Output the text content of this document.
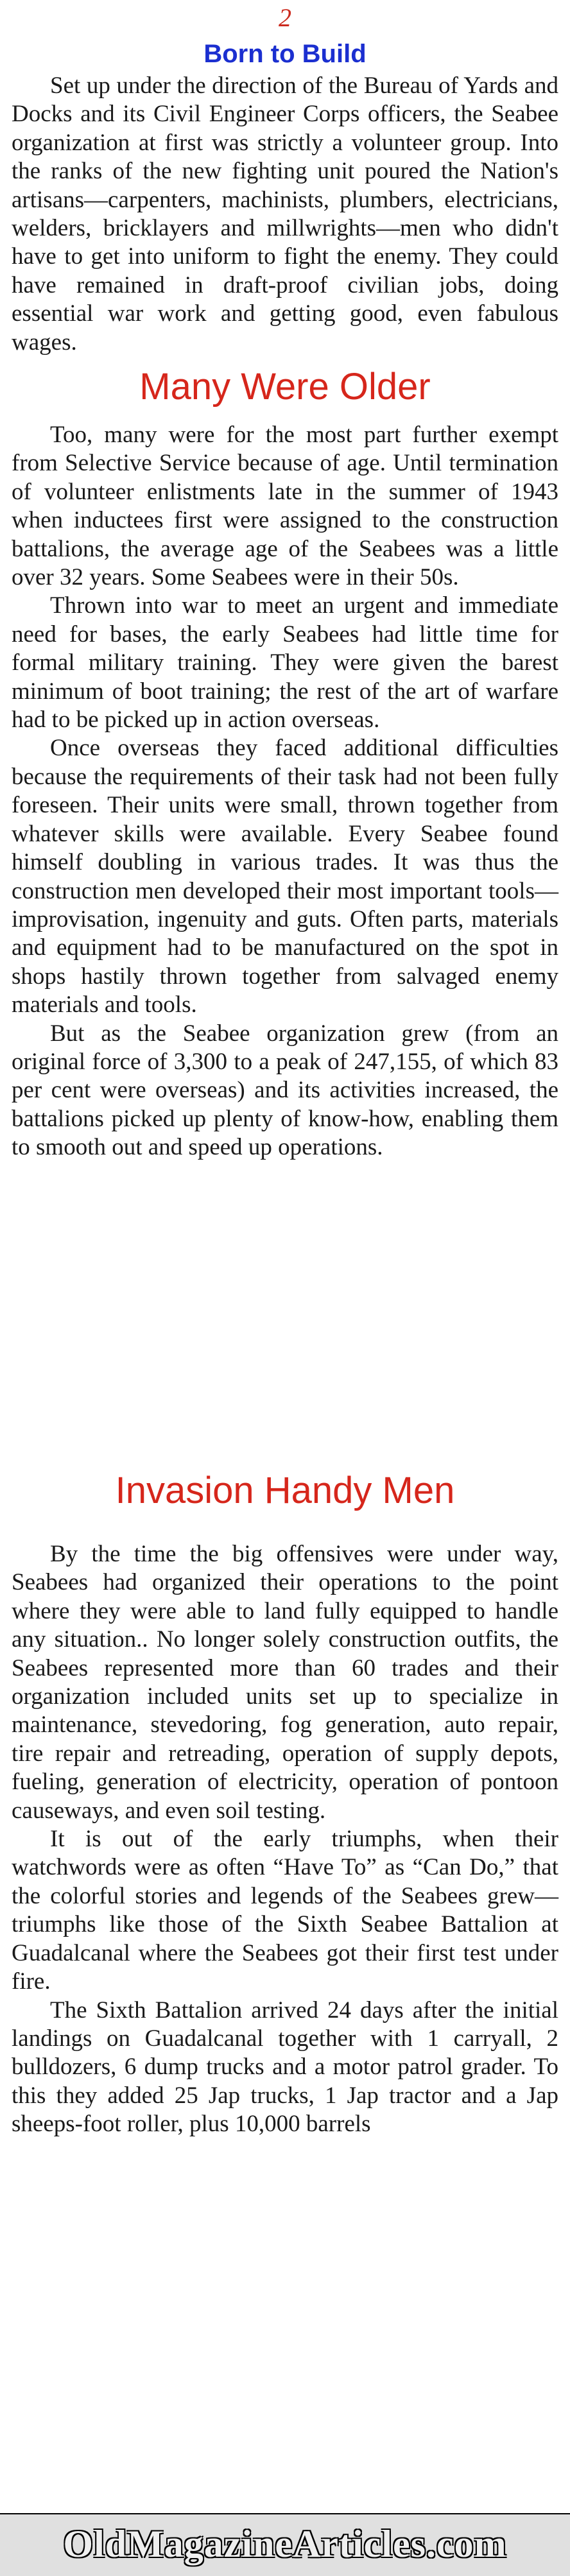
2
Born to Build

Set up under the direction of the Bureau of Yards and Docks and its Civil Engineer Corps officers, the Seabee organization at first was strictly a volunteer group. Into the ranks of the new fighting unit poured the Nation's artisans—carpenters, machinists, plumbers, electricians, welders, bricklayers and millwrights—men who didn't have to get into uniform to fight the enemy. They could have remained in draft-proof civilian jobs, doing essential war work and getting good, even fabulous wages.

Many Were Older

Too, many were for the most part further exempt from Selective Service because of age. Until termination of volunteer enlistments late in the summer of 1943 when inductees first were assigned to the construction battalions, the average age of the Seabees was a little over 32 years. Some Seabees were in their 50s.

Thrown into war to meet an urgent and immediate need for bases, the early Seabees had little time for formal military training. They were given the barest minimum of boot training; the rest of the art of warfare had to be picked up in action overseas.

Once overseas they faced additional difficulties because the requirements of their task had not been fully foreseen. Their units were small, thrown together from whatever skills were available. Every Seabee found himself doubling in various trades. It was thus the construction men developed their most important tools—improvisation, ingenuity and guts. Often parts, materials and equipment had to be manufactured on the spot in shops hastily thrown together from salvaged enemy materials and tools.

But as the Seabee organization grew (from an original force of 3,300 to a peak of 247,155, of which 83 per cent were overseas) and its activities increased, the battalions picked up plenty of know-how, enabling them to smooth out and speed up operations.

Invasion Handy Men

By the time the big offensives were under way, Seabees had organized their operations to the point where they were able to land fully equipped to handle any situation.. No longer solely construction outfits, the Seabees represented more than 60 trades and their organization included units set up to specialize in maintenance, stevedoring, fog generation, auto repair, tire repair and retreading, operation of supply depots, fueling, generation of electricity, operation of pontoon causeways, and even soil testing.

It is out of the early triumphs, when their watchwords were as often “Have To” as “Can Do,” that the colorful stories and legends of the Seabees grew—triumphs like those of the Sixth Seabee Battalion at Guadalcanal where the Seabees got their first test under fire.

The Sixth Battalion arrived 24 days after the initial landings on Guadalcanal together with 1 carryall, 2 bulldozers, 6 dump trucks and a motor patrol grader. To this they added 25 Jap trucks, 1 Jap tractor and a Jap sheeps-foot roller, plus 10,000 barrels

OldMagazineArticles.com
